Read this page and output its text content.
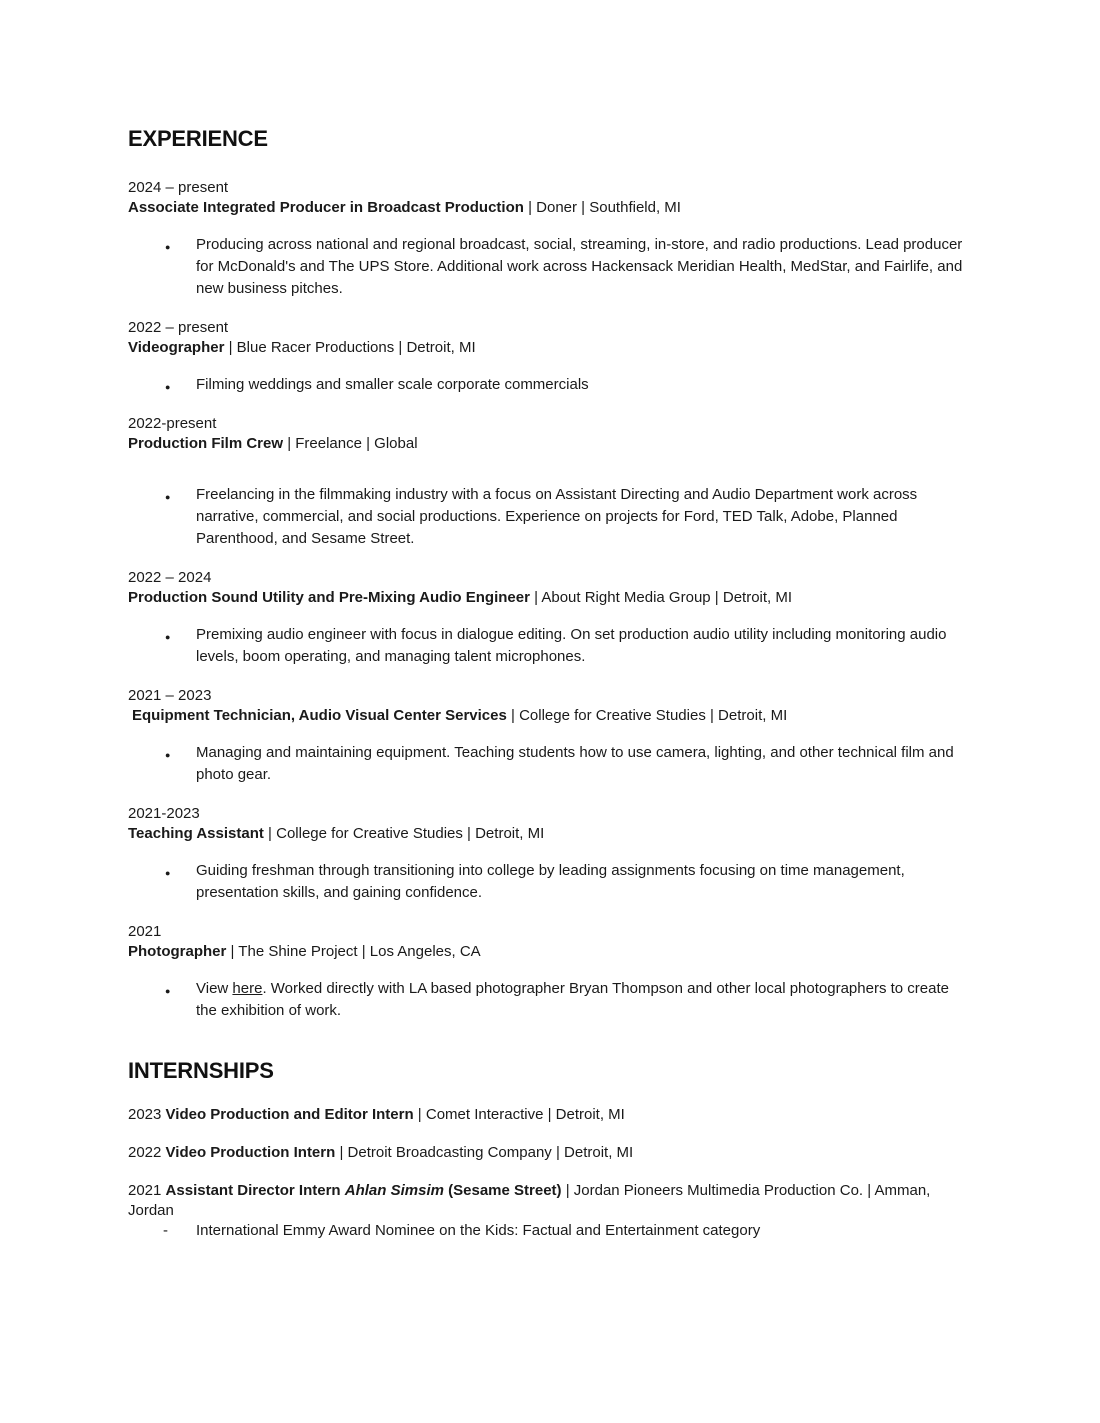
EXPERIENCE
2024 – present
Associate Integrated Producer in Broadcast Production | Doner | Southfield, MI
● Producing across national and regional broadcast, social, streaming, in-store, and radio productions. Lead producer for McDonald's and The UPS Store. Additional work across Hackensack Meridian Health, MedStar, and Fairlife, and new business pitches.
2022 – present
Videographer | Blue Racer Productions | Detroit, MI
● Filming weddings and smaller scale corporate commercials
2022-present
Production Film Crew | Freelance | Global
● Freelancing in the filmmaking industry with a focus on Assistant Directing and Audio Department work across narrative, commercial, and social productions. Experience on projects for Ford, TED Talk, Adobe, Planned Parenthood, and Sesame Street.
2022 – 2024
Production Sound Utility and Pre-Mixing Audio Engineer | About Right Media Group | Detroit, MI
● Premixing audio engineer with focus in dialogue editing. On set production audio utility including monitoring audio levels, boom operating, and managing talent microphones.
2021 – 2023
Equipment Technician, Audio Visual Center Services | College for Creative Studies | Detroit, MI
● Managing and maintaining equipment. Teaching students how to use camera, lighting, and other technical film and photo gear.
2021-2023
Teaching Assistant | College for Creative Studies | Detroit, MI
● Guiding freshman through transitioning into college by leading assignments focusing on time management, presentation skills, and gaining confidence.
2021
Photographer | The Shine Project | Los Angeles, CA
● View here. Worked directly with LA based photographer Bryan Thompson and other local photographers to create the exhibition of work.
INTERNSHIPS
2023 Video Production and Editor Intern | Comet Interactive | Detroit, MI
2022 Video Production Intern | Detroit Broadcasting Company | Detroit, MI
2021 Assistant Director Intern Ahlan Simsim (Sesame Street) | Jordan Pioneers Multimedia Production Co. | Amman, Jordan
- International Emmy Award Nominee on the Kids: Factual and Entertainment category
